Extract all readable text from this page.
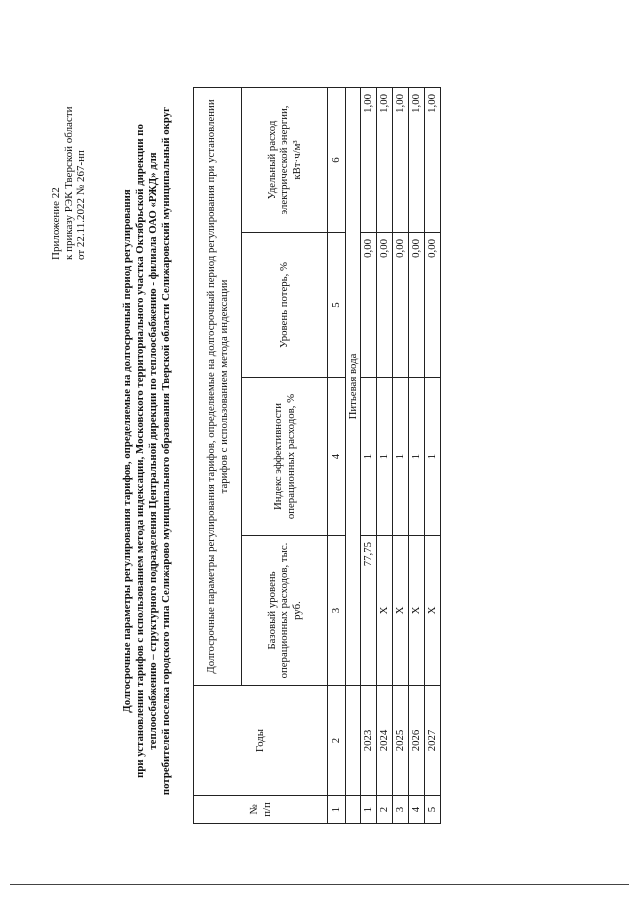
Приложение 22 к приказу РЭК Тверской области от 22.11.2022 № 267-нп	Долгосрочные параметры регулирования тарифов, определяемые на долгосрочный период регулирования при установлении тарифов с использованием метода индексации, Московского территориального участка Октябрьской дирекции по теплоосбабжению – структурного подразделения Центральной дирекции по теплоосбабжению - филиала ОАО «РЖД» для потребителей поселка городского типа Селижарово муниципального образования Тверской области Селижаровский муниципальный округ
№ п/п	Годы	Долгосрочные параметры регулирования тарифов, определяемые на долгосрочный период регулирования при установлении тарифов с использованием метода индексации			
		Базовый уровень операционных расходов, тыс. руб.	Индекс эффективности операционных расходов, %	Уровень потерь, %	Удельный расход электрической энергии, кВт·ч/м³
1	2	3	4	5	6
		Питьевая вода			
1	2023	77,75	1	0,00	1,00
2	2024	X	1	0,00	1,00
3	2025	X	1	0,00	1,00
4	2026	X	1	0,00	1,00
5	2027	X	1	0,00	1,00
